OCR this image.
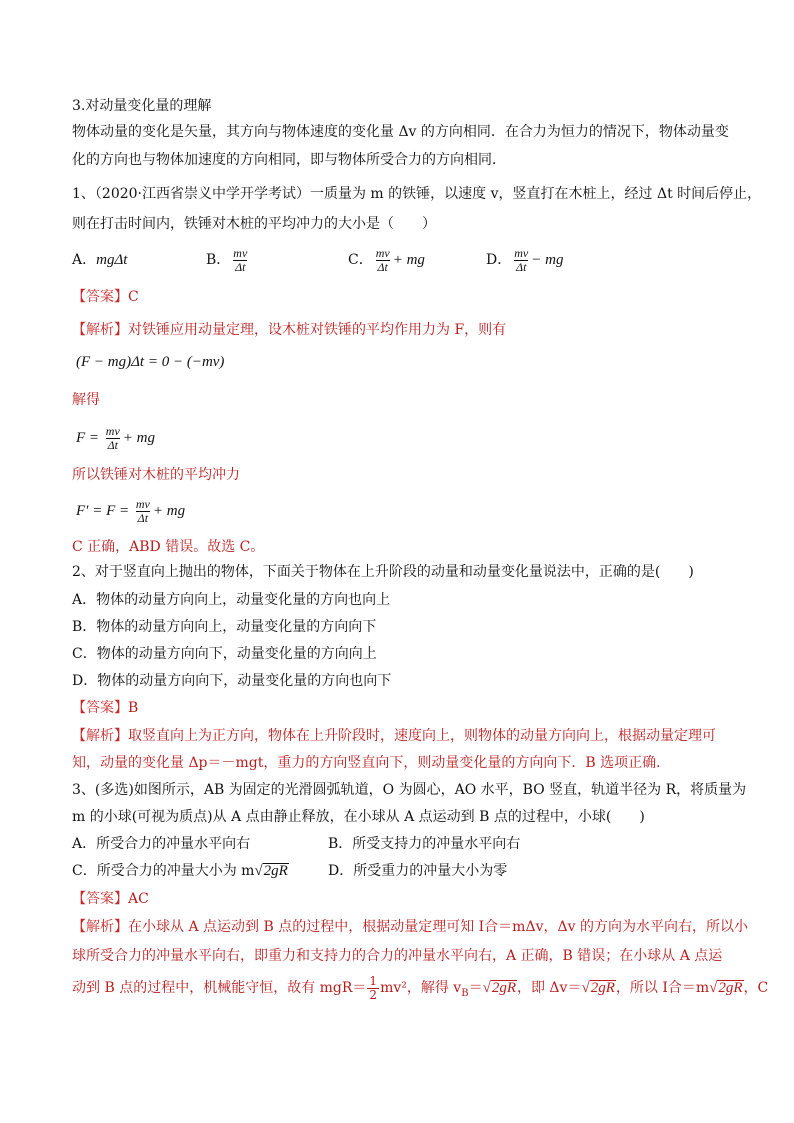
3.对动量变化量的理解
物体动量的变化是矢量，其方向与物体速度的变化量 Δv 的方向相同．在合力为恒力的情况下，物体动量变
化的方向也与物体加速度的方向相同，即与物体所受合力的方向相同．
1、（2020·江西省崇义中学开学考试）一质量为 m 的铁锤，以速度 v，竖直打在木桩上，经过 Δt 时间后停止，
则在打击时间内，铁锤对木桩的平均冲力的大小是（　　）
A．mgΔt	B． $\frac{mv}{\Delta t}$	C． $\frac{mv}{\Delta t}$ + mg	D． $\frac{mv}{\Delta t}$ − mg
【答案】C
【解析】对铁锤应用动量定理，设木桩对铁锤的平均作用力为 F，则有
(F − mg)Δt = 0 − (−mv)
解得
$F = \frac{mv}{\Delta t}$ + mg
所以铁锤对木桩的平均冲力
$F' = F = \frac{mv}{\Delta t}$ + mg
C 正确，ABD 错误。故选 C。
2、对于竖直向上抛出的物体，下面关于物体在上升阶段的动量和动量变化量说法中，正确的是(　　)
A．物体的动量方向向上，动量变化量的方向也向上
B．物体的动量方向向上，动量变化量的方向向下
C．物体的动量方向向下，动量变化量的方向向上
D．物体的动量方向向下，动量变化量的方向也向下
【答案】B
【解析】取竖直向上为正方向，物体在上升阶段时，速度向上，则物体的动量方向向上，根据动量定理可
知，动量的变化量 Δp＝－mgt，重力的方向竖直向下，则动量变化量的方向向下．B 选项正确．
3、(多选)如图所示，AB 为固定的光滑圆弧轨道，O 为圆心，AO 水平，BO 竖直，轨道半径为 R，将质量为
m 的小球(可视为质点)从 A 点由静止释放，在小球从 A 点运动到 B 点的过程中，小球(　　)
A．所受合力的冲量水平向右	B．所受支持力的冲量水平向右
C．所受合力的冲量大小为 m√2gR	D．所受重力的冲量大小为零
【答案】AC
【解析】在小球从 A 点运动到 B 点的过程中，根据动量定理可知 I合＝mΔv，Δv 的方向为水平向右，所以小
球所受合力的冲量水平向右，即重力和支持力的合力的冲量水平向右，A 正确，B 错误；在小球从 A 点运
动到 B 点的过程中，机械能守恒，故有 $mgR= \frac{1}{2} mv^2$，解得 $v_B=√2gR$，即 Δv＝√2gR，所以 I合＝m√2gR，C
